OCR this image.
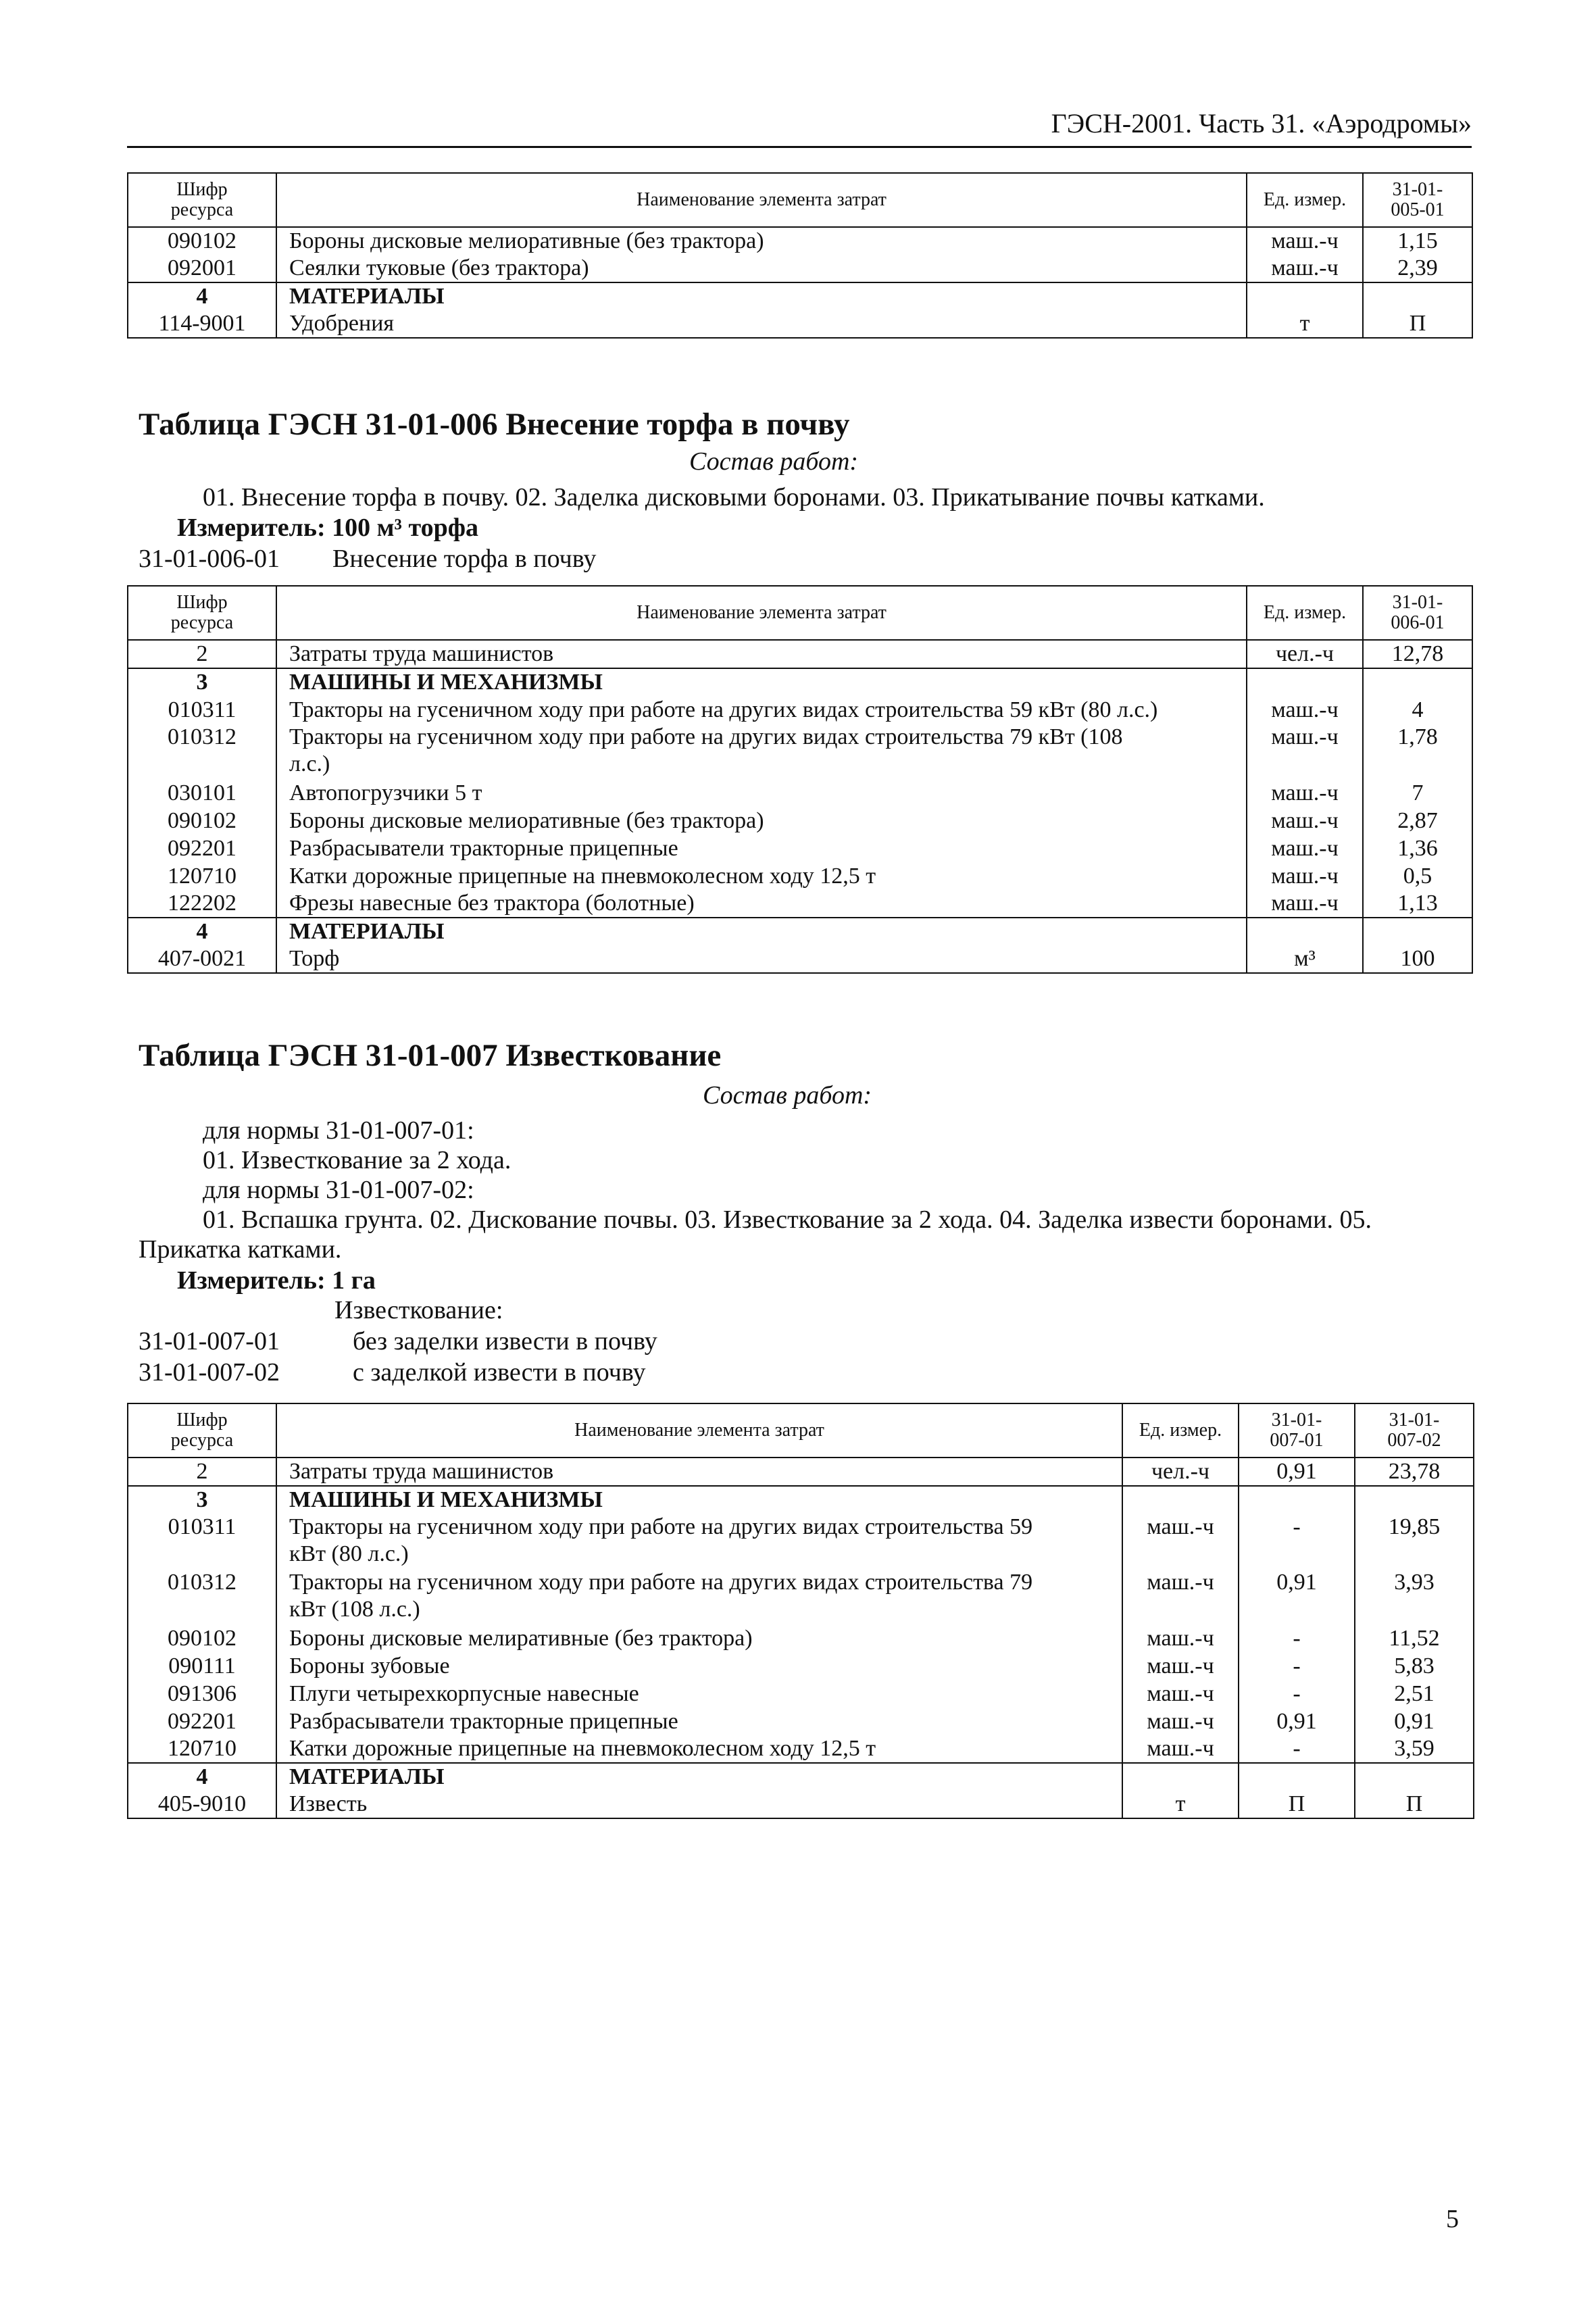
ГЭСН-2001. Часть 31. «Аэродромы»
Шифр
ресурса	Наименование элемента затрат	Ед. измер.	31-01-
005-01
090102	Бороны дисковые мелиоративные (без трактора)	маш.-ч	1,15
092001	Сеялки туковые (без трактора)	маш.-ч	2,39
4	МАТЕРИАЛЫ		
114-9001	Удобрения	т	П
Таблица ГЭСН 31-01-006 Внесение торфа в почву
Состав работ:
01. Внесение торфа в почву. 02. Заделка дисковыми боронами. 03. Прикатывание почвы катками.
Измеритель: 100 м³ торфа
31-01-006-01 Внесение торфа в почву
Шифр
ресурса	Наименование элемента затрат	Ед. измер.	31-01-
006-01
2	Затраты труда машинистов	чел.-ч	12,78
3	МАШИНЫ И МЕХАНИЗМЫ		
010311	Тракторы на гусеничном ходу при работе на других видах строительства 59 кВт (80 л.с.)	маш.-ч	4
010312	Тракторы на гусеничном ходу при работе на других видах строительства 79 кВт (108
л.с.)	маш.-ч	1,78
030101	Автопогрузчики 5 т	маш.-ч	7
090102	Бороны дисковые мелиоративные (без трактора)	маш.-ч	2,87
092201	Разбрасыватели тракторные прицепные	маш.-ч	1,36
120710	Катки дорожные прицепные на пневмоколесном ходу 12,5 т	маш.-ч	0,5
122202	Фрезы навесные без трактора (болотные)	маш.-ч	1,13
4	МАТЕРИАЛЫ		
407-0021	Торф	м³	100
Таблица ГЭСН 31-01-007 Известкование
Состав работ:
для нормы 31-01-007-01:
01. Известкование за 2 хода.
для нормы 31-01-007-02:
01. Вспашка грунта. 02. Дискование почвы. 03. Известкование за 2 хода. 04. Заделка извести боронами. 05.
Прикатка катками.
Измеритель: 1 га
Известкование:
31-01-007-01	без заделки извести в почву
31-01-007-02	с заделкой извести в почву
Шифр
ресурса	Наименование элемента затрат	Ед. измер.	31-01-
007-01	31-01-
007-02
2	Затраты труда машинистов	чел.-ч	0,91	23,78
3	МАШИНЫ И МЕХАНИЗМЫ			
010311	Тракторы на гусеничном ходу при работе на других видах строительства 59
кВт (80 л.с.)	маш.-ч	-	19,85
010312	Тракторы на гусеничном ходу при работе на других видах строительства 79
кВт (108 л.с.)	маш.-ч	0,91	3,93
090102	Бороны дисковые мелиративные (без трактора)	маш.-ч	-	11,52
090111	Бороны зубовые	маш.-ч	-	5,83
091306	Плуги четырехкорпусные навесные	маш.-ч	-	2,51
092201	Разбрасыватели тракторные прицепные	маш.-ч	0,91	0,91
120710	Катки дорожные прицепные на пневмоколесном ходу 12,5 т	маш.-ч	-	3,59
4	МАТЕРИАЛЫ			
405-9010	Известь	т	П	П
5
